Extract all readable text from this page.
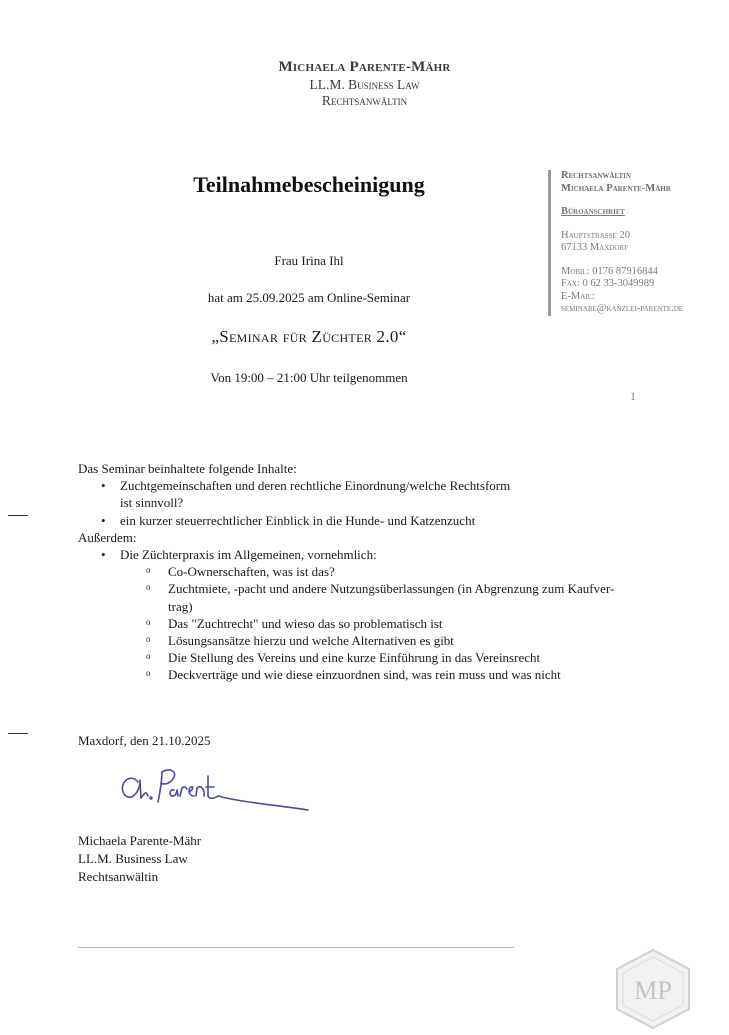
Michaela Parente-Mähr
LL.M. Business Law
Rechtsanwältin
Rechtsanwältin
Michaela Parente-Mähr
Büroanschrift
Hauptstraße 20
67133 Maxdorf
Mobil: 0176 87916844
Fax: 0 62 33-3049989
E-Mail:
seminare@kanzlei-parente.de
1
Teilnahmebescheinigung
Frau Irina Ihl
hat am 25.09.2025 am Online-Seminar
„Seminar für Züchter 2.0“
Von 19:00 – 21:00 Uhr teilgenommen
Das Seminar beinhaltete folgende Inhalte:
• Zuchtgemeinschaften und deren rechtliche Einordnung/welche Rechtsform
ist sinnvoll?
• ein kurzer steuerrechtlicher Einblick in die Hunde- und Katzenzucht
Außerdem:
• Die Züchterpraxis im Allgemeinen, vornehmlich:
o Co-Ownerschaften, was ist das?
o Zuchtmiete, -pacht und andere Nutzungsüberlassungen (in Abgrenzung zum Kaufver-
trag)
o Das "Zuchtrecht" und wieso das so problematisch ist
o Lösungsansätze hierzu und welche Alternativen es gibt
o Die Stellung des Vereins und eine kurze Einführung in das Vereinsrecht
o Deckverträge und wie diese einzuordnen sind, was rein muss und was nicht
Maxdorf, den 21.10.2025
Michaela Parente-Mähr
LL.M. Business Law
Rechtsanwältin
MP
